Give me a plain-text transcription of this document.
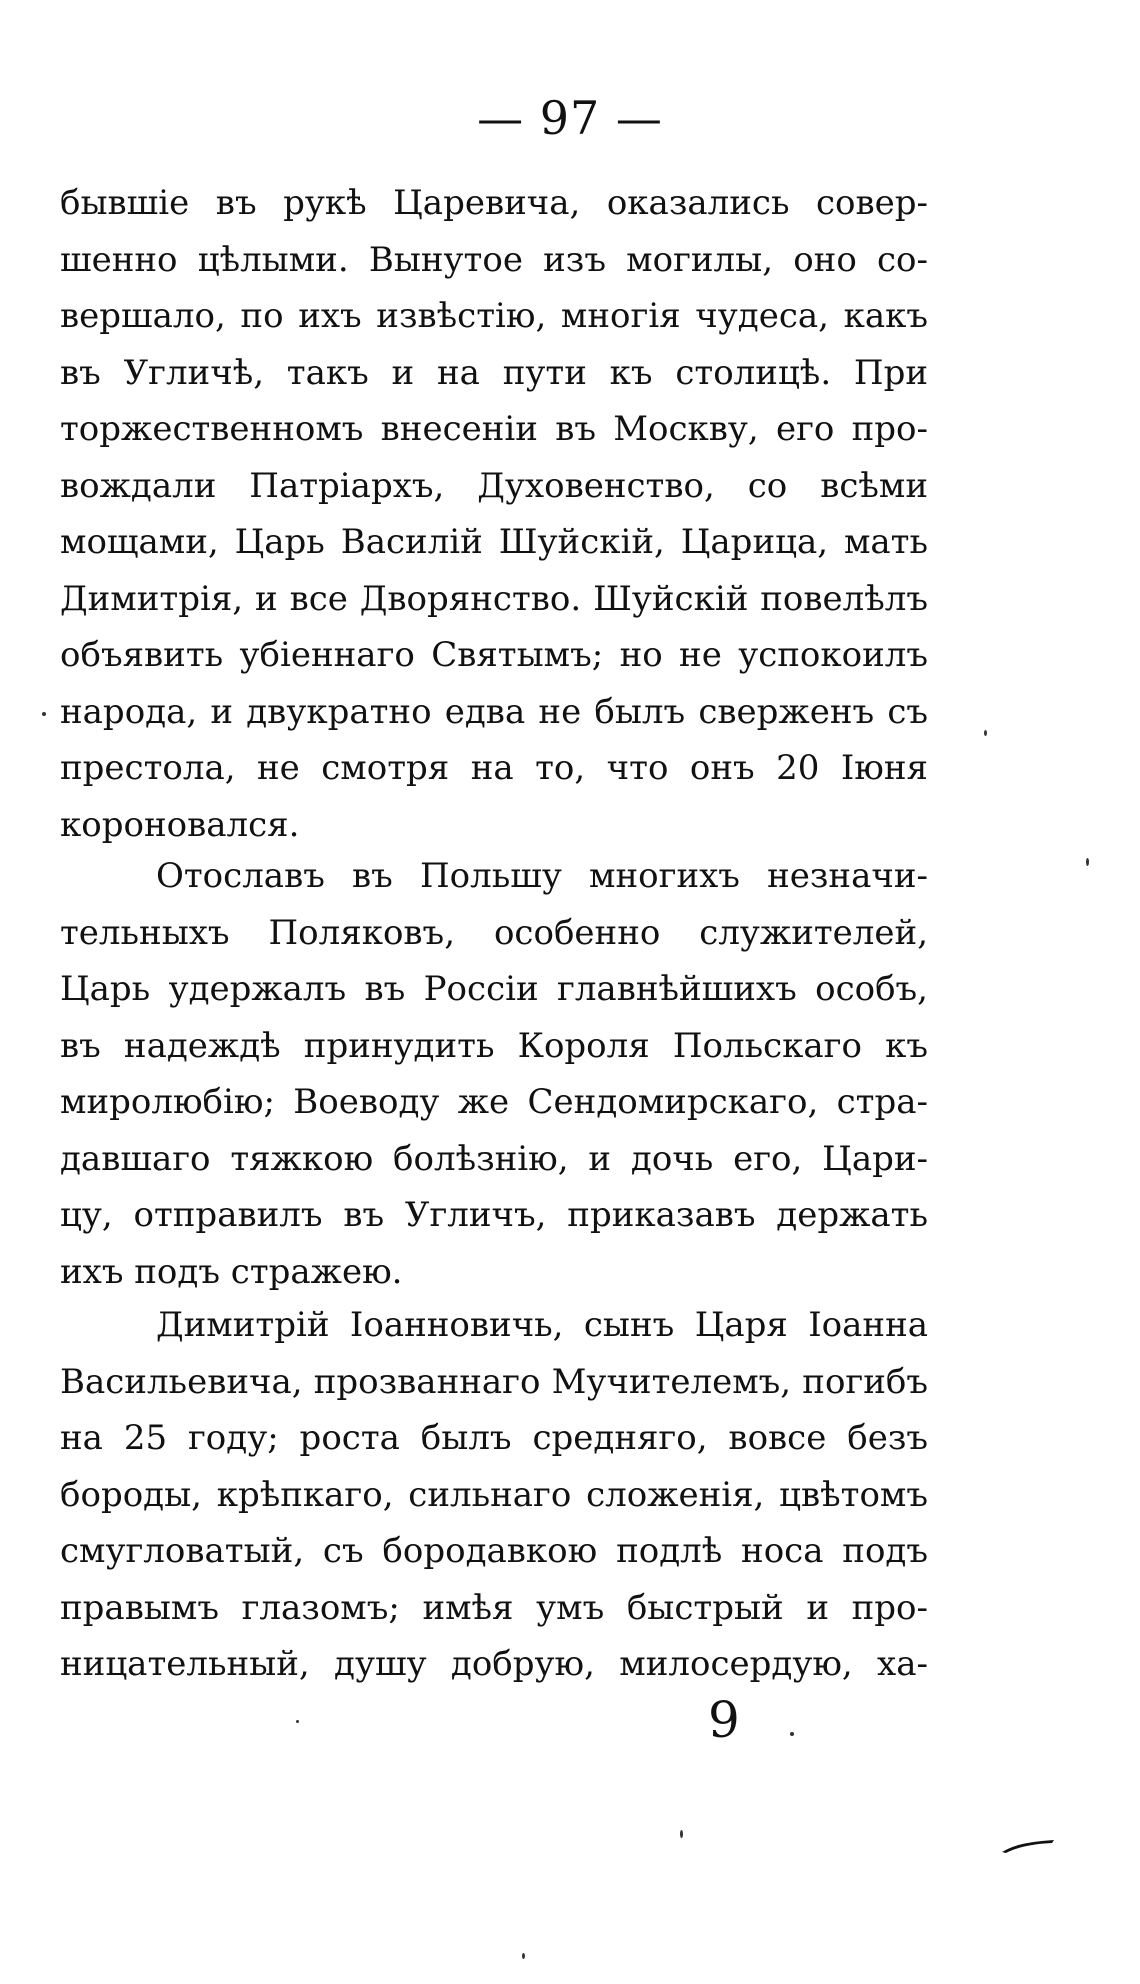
— 97 —
бывшіе въ рукѣ Царевича, оказались совер-
шенно цѣлыми. Вынутое изъ могилы, оно со-
вершало, по ихъ извѣстію, многія чудеса, какъ
въ Угличѣ, такъ и на пути къ столицѣ. При
торжественномъ внесеніи въ Москву, его про-
вождали Патріархъ, Духовенство, со всѣми
мощами, Царь Василій Шуйскій, Царица, мать
Димитрія, и все Дворянство. Шуйскій повелѣлъ
объявить убіеннаго Святымъ; но не успокоилъ
народа, и двукратно едва не былъ сверженъ съ
престола, не смотря на то, что онъ 20 Іюня
короновался.
Отославъ въ Польшу многихъ незначи-
тельныхъ Поляковъ, особенно служителей,
Царь удержалъ въ Россіи главнѣйшихъ особъ,
въ надеждѣ принудить Короля Польскаго къ
миролюбію; Воеводу же Сендомирскаго, стра-
давшаго тяжкою болѣзнію, и дочь его, Цари-
цу, отправилъ въ Угличъ, приказавъ держать
ихъ подъ стражею.
Димитрій Іоанновичь, сынъ Царя Іоанна
Васильевича, прозваннаго Мучителемъ, погибъ
на 25 году; роста былъ средняго, вовсе безъ
бороды, крѣпкаго, сильнаго сложенія, цвѣтомъ
смугловатый, съ бородавкою подлѣ носа подъ
правымъ глазомъ; имѣя умъ быстрый и про-
ницательный, душу добрую, милосердую, ха-
9
